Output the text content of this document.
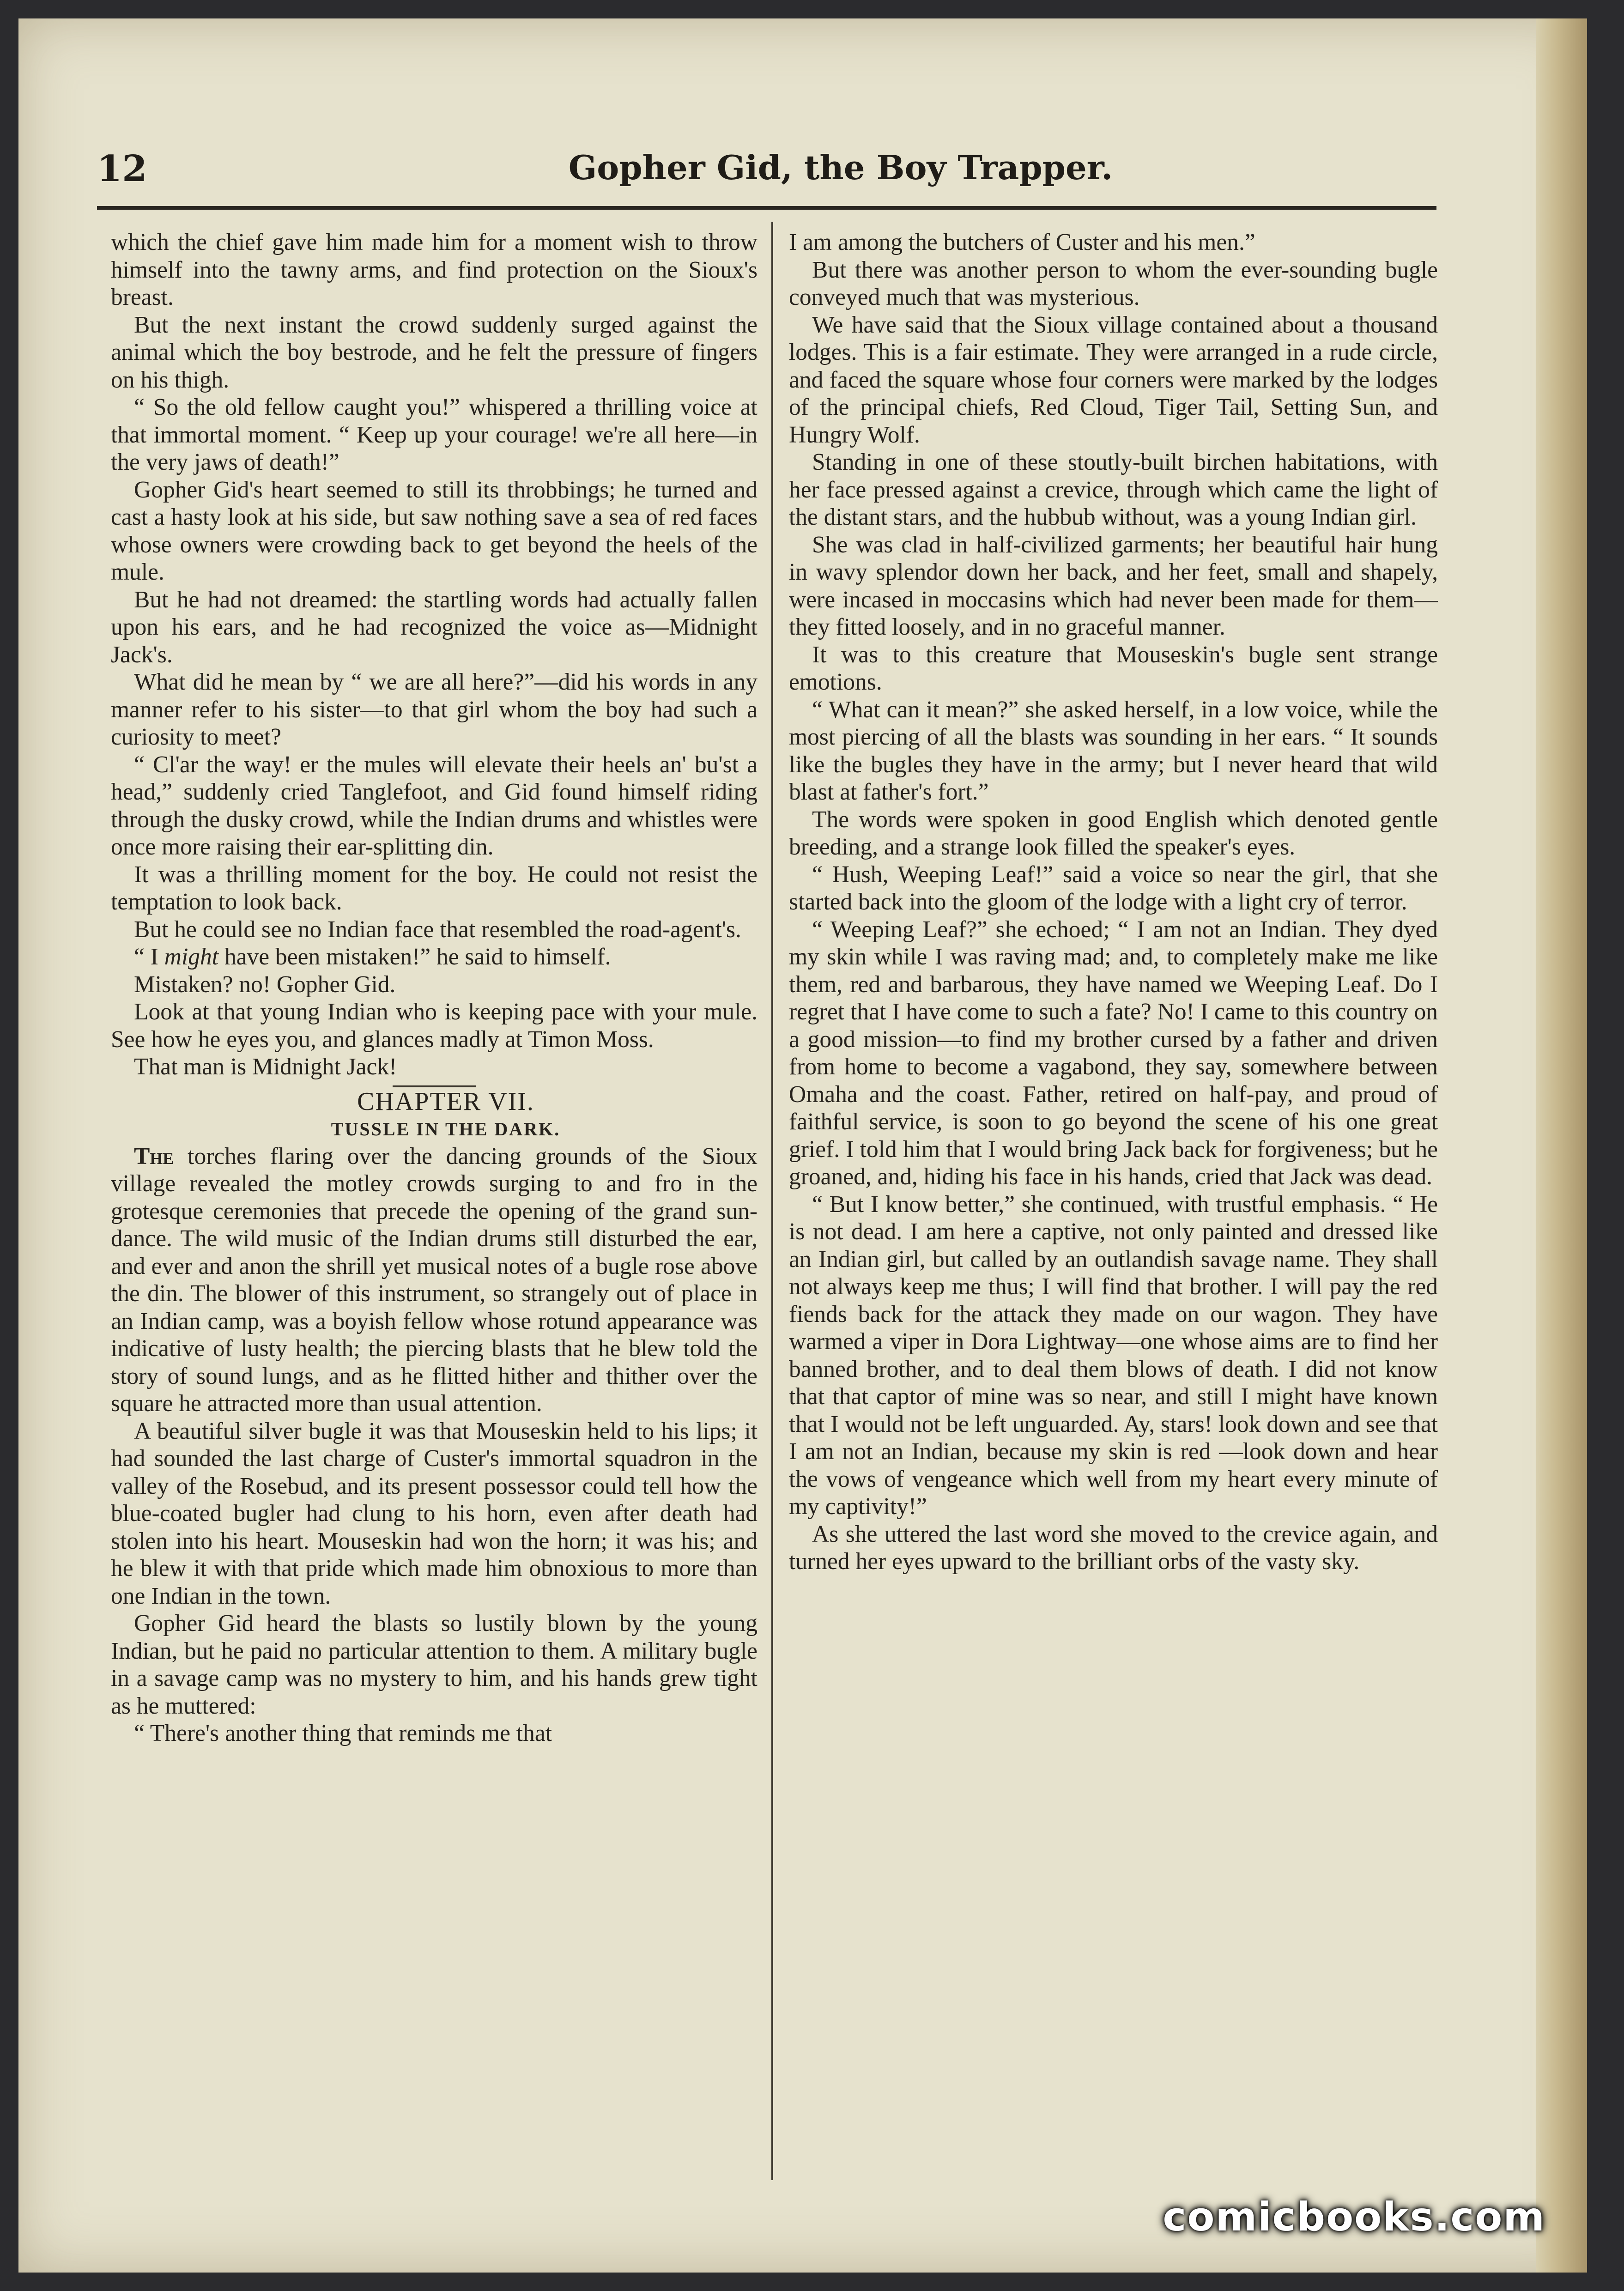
12	Gopher Gid, the Boy Trapper.

which the chief gave him made him for a moment wish to throw himself into the tawny arms, and find protection on the Sioux's breast.

But the next instant the crowd suddenly surged against the animal which the boy bestrode, and he felt the pressure of fingers on his thigh.

“ So the old fellow caught you!” whispered a thrilling voice at that immortal moment. “ Keep up your courage! we're all here—in the very jaws of death!”

Gopher Gid's heart seemed to still its throbbings; he turned and cast a hasty look at his side, but saw nothing save a sea of red faces whose owners were crowding back to get beyond the heels of the mule.

But he had not dreamed: the startling words had actually fallen upon his ears, and he had recognized the voice as—Midnight Jack's.

What did he mean by “ we are all here?”—did his words in any manner refer to his sister—to that girl whom the boy had such a curiosity to meet?

“ Cl'ar the way! er the mules will elevate their heels an' bu'st a head,” suddenly cried Tanglefoot, and Gid found himself riding through the dusky crowd, while the Indian drums and whistles were once more raising their ear-splitting din.

It was a thrilling moment for the boy. He could not resist the temptation to look back.

But he could see no Indian face that resembled the road-agent's.

“ I might have been mistaken!” he said to himself.

Mistaken? no! Gopher Gid.

Look at that young Indian who is keeping pace with your mule. See how he eyes you, and glances madly at Timon Moss.

That man is Midnight Jack!

CHAPTER VII.

TUSSLE IN THE DARK.

The torches flaring over the dancing grounds of the Sioux village revealed the motley crowds surging to and fro in the grotesque ceremonies that precede the opening of the grand sun-dance. The wild music of the Indian drums still disturbed the ear, and ever and anon the shrill yet musical notes of a bugle rose above the din. The blower of this instrument, so strangely out of place in an Indian camp, was a boyish fellow whose rotund appearance was indicative of lusty health; the piercing blasts that he blew told the story of sound lungs, and as he flitted hither and thither over the square he attracted more than usual attention.

A beautiful silver bugle it was that Mouseskin held to his lips; it had sounded the last charge of Custer's immortal squadron in the valley of the Rosebud, and its present possessor could tell how the blue-coated bugler had clung to his horn, even after death had stolen into his heart. Mouseskin had won the horn; it was his; and he blew it with that pride which made him obnoxious to more than one Indian in the town.

Gopher Gid heard the blasts so lustily blown by the young Indian, but he paid no particular attention to them. A military bugle in a savage camp was no mystery to him, and his hands grew tight as he muttered:

“ There's another thing that reminds me that

I am among the butchers of Custer and his men.”

But there was another person to whom the ever-sounding bugle conveyed much that was mysterious.

We have said that the Sioux village contained about a thousand lodges. This is a fair estimate. They were arranged in a rude circle, and faced the square whose four corners were marked by the lodges of the principal chiefs, Red Cloud, Tiger Tail, Setting Sun, and Hungry Wolf.

Standing in one of these stoutly-built birchen habitations, with her face pressed against a crevice, through which came the light of the distant stars, and the hubbub without, was a young Indian girl.

She was clad in half-civilized garments; her beautiful hair hung in wavy splendor down her back, and her feet, small and shapely, were incased in moccasins which had never been made for them—they fitted loosely, and in no graceful manner.

It was to this creature that Mouseskin's bugle sent strange emotions.

“ What can it mean?” she asked herself, in a low voice, while the most piercing of all the blasts was sounding in her ears. “ It sounds like the bugles they have in the army; but I never heard that wild blast at father's fort.”

The words were spoken in good English which denoted gentle breeding, and a strange look filled the speaker's eyes.

“ Hush, Weeping Leaf!” said a voice so near the girl, that she started back into the gloom of the lodge with a light cry of terror.

“ Weeping Leaf?” she echoed; “ I am not an Indian. They dyed my skin while I was raving mad; and, to completely make me like them, red and barbarous, they have named we Weeping Leaf. Do I regret that I have come to such a fate? No! I came to this country on a good mission—to find my brother cursed by a father and driven from home to become a vagabond, they say, somewhere between Omaha and the coast. Father, retired on half-pay, and proud of faithful service, is soon to go beyond the scene of his one great grief. I told him that I would bring Jack back for forgiveness; but he groaned, and, hiding his face in his hands, cried that Jack was dead.

“ But I know better,” she continued, with trustful emphasis. “ He is not dead. I am here a captive, not only painted and dressed like an Indian girl, but called by an outlandish savage name. They shall not always keep me thus; I will find that brother. I will pay the red fiends back for the attack they made on our wagon. They have warmed a viper in Dora Lightway—one whose aims are to find her banned brother, and to deal them blows of death. I did not know that that captor of mine was so near, and still I might have known that I would not be left unguarded. Ay, stars! look down and see that I am not an Indian, because my skin is red —look down and hear the vows of vengeance which well from my heart every minute of my captivity!”

As she uttered the last word she moved to the crevice again, and turned her eyes upward to the brilliant orbs of the vasty sky.

comicbooks.com
